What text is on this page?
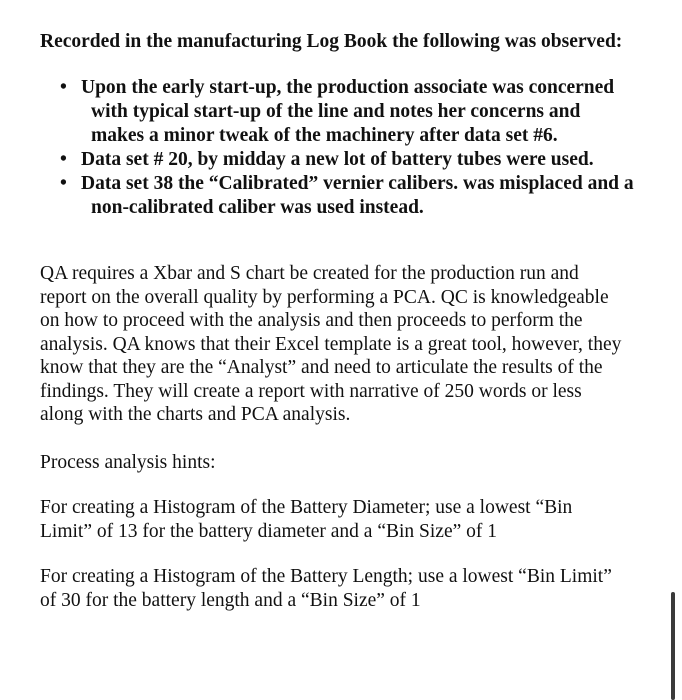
Recorded in the manufacturing Log Book the following was observed:

• Upon the early start-up, the production associate was concerned
with typical start-up of the line and notes her concerns and
makes a minor tweak of the machinery after data set #6.
• Data set # 20, by midday a new lot of battery tubes were used.
• Data set 38 the “Calibrated” vernier calibers. was misplaced and a
non-calibrated caliber was used instead.

QA requires a Xbar and S chart be created for the production run and
report on the overall quality by performing a PCA. QC is knowledgeable
on how to proceed with the analysis and then proceeds to perform the
analysis. QA knows that their Excel template is a great tool, however, they
know that they are the “Analyst” and need to articulate the results of the
findings. They will create a report with narrative of 250 words or less
along with the charts and PCA analysis.

Process analysis hints:

For creating a Histogram of the Battery Diameter; use a lowest “Bin
Limit” of 13 for the battery diameter and a “Bin Size” of 1

For creating a Histogram of the Battery Length; use a lowest “Bin Limit”
of 30 for the battery length and a “Bin Size” of 1
